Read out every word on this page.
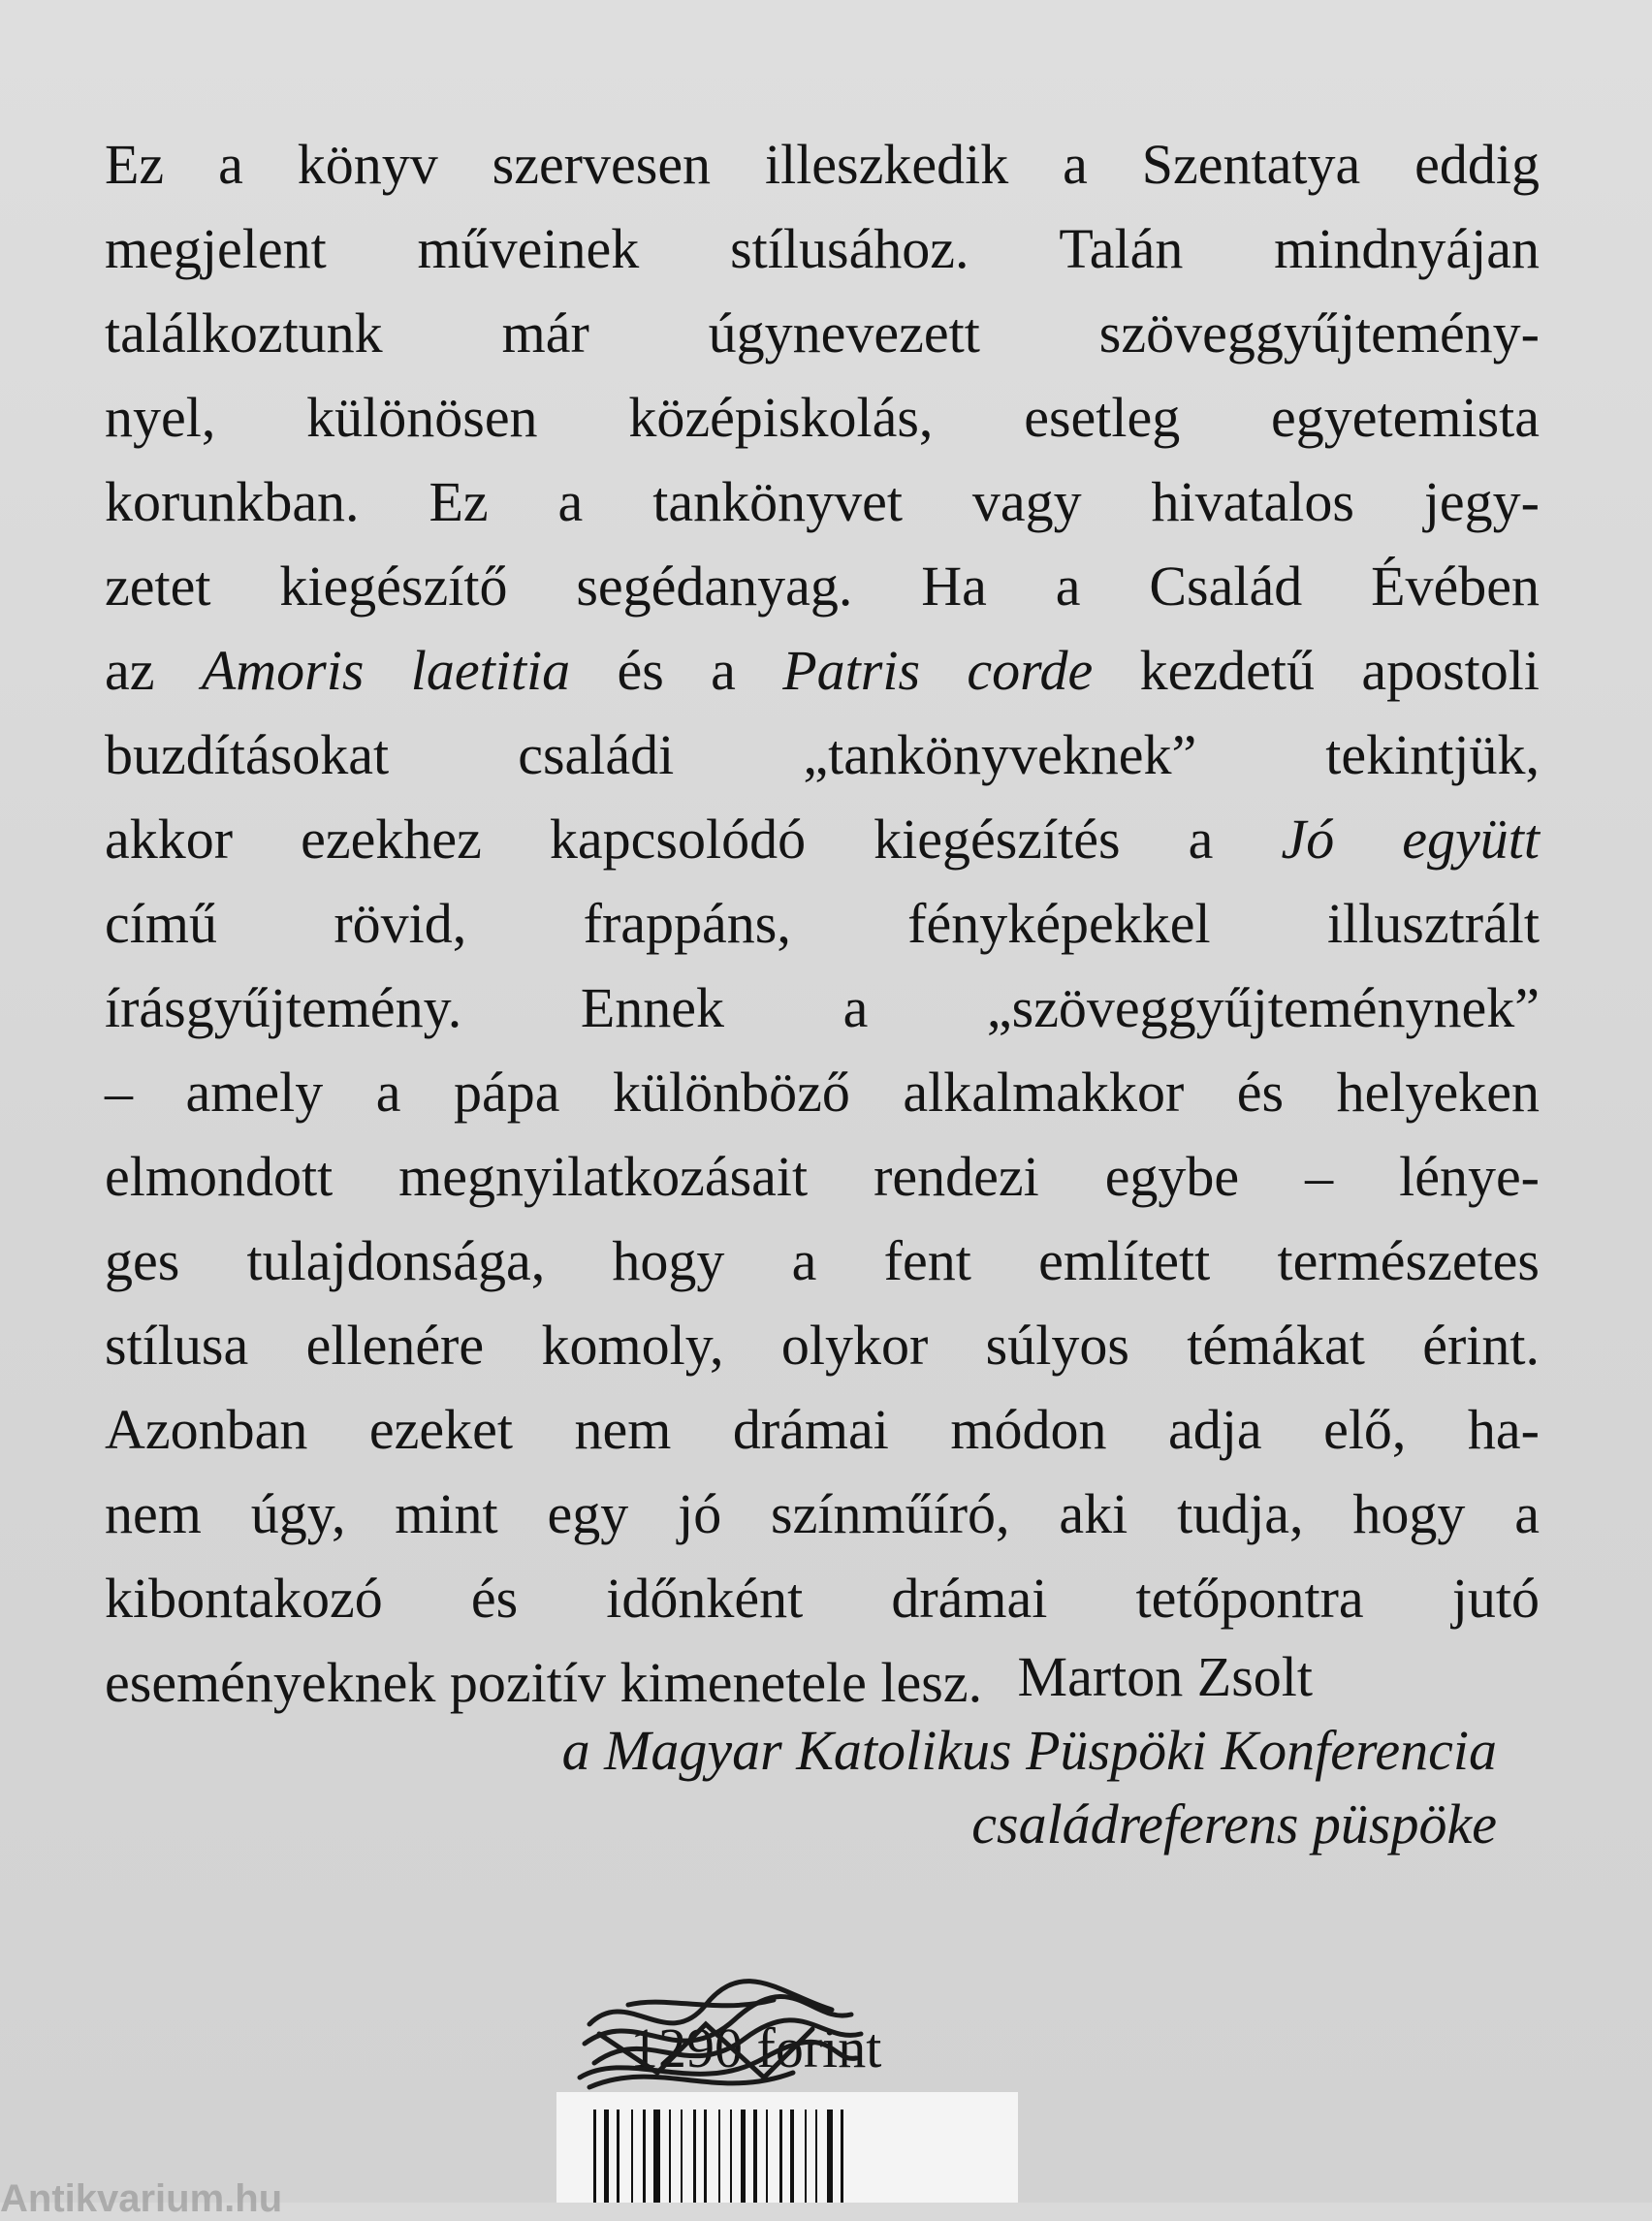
Ez a könyv szervesen illeszkedik a Szentatya eddig
megjelent műveinek stílusához. Talán mindnyájan
találkoztunk már úgynevezett szöveggyűjtemény-
nyel, különösen középiskolás, esetleg egyetemista
korunkban. Ez a tankönyvet vagy hivatalos jegy-
zetet kiegészítő segédanyag. Ha a Család Évében
az Amoris laetitia és a Patris corde kezdetű apostoli
buzdításokat családi „tankönyveknek” tekintjük,
akkor ezekhez kapcsolódó kiegészítés a Jó együtt
című rövid, frappáns, fényképekkel illusztrált
írásgyűjtemény. Ennek a „szöveggyűjteménynek”
– amely a pápa különböző alkalmakkor és helyeken
elmondott megnyilatkozásait rendezi egybe – lénye-
ges tulajdonsága, hogy a fent említett természetes
stílusa ellenére komoly, olykor súlyos témákat érint.
Azonban ezeket nem drámai módon adja elő, ha-
nem úgy, mint egy jó színműíró, aki tudja, hogy a
kibontakozó és időnként drámai tetőpontra jutó
eseményeknek pozitív kimenetele lesz. Marton Zsolt
a Magyar Katolikus Püspöki Konferencia
családreferens püspöke
1290 forint
Antikvarium.hu
